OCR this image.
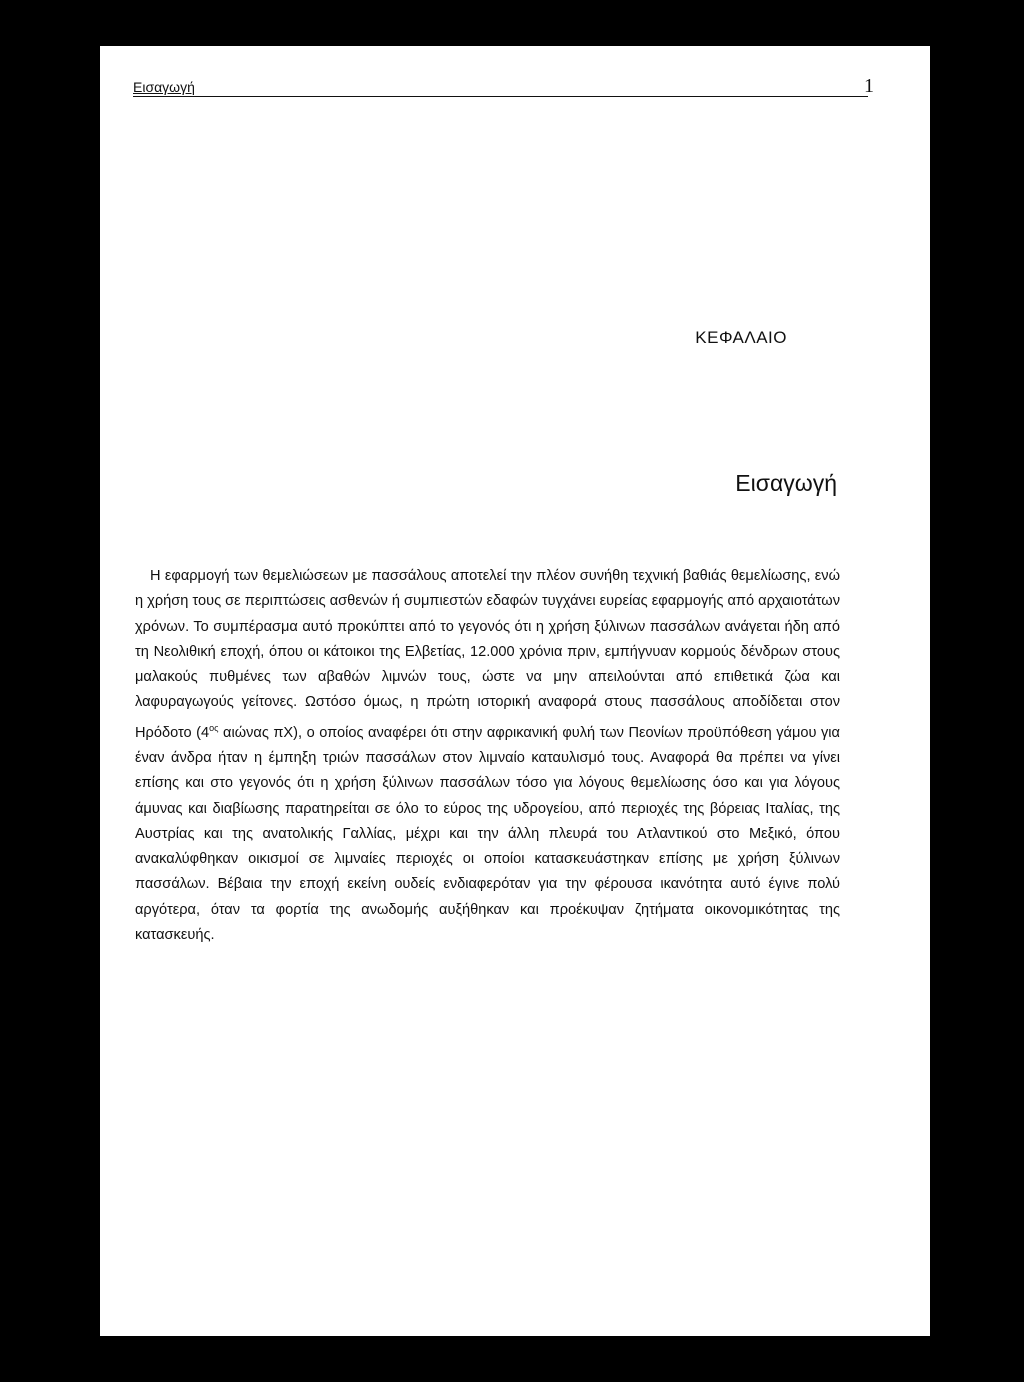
Εισαγωγή	1
ΚΕΦΑΛΑΙΟ
Εισαγωγή

Η εφαρμογή των θεμελιώσεων με πασσάλους αποτελεί την πλέον συνήθη τεχνική βαθιάς θεμελίωσης, ενώ η χρήση τους σε περιπτώσεις ασθενών ή συμπιεστών εδαφών τυγχάνει ευρείας εφαρμογής από αρχαιοτάτων χρόνων. Το συμπέρασμα αυτό προκύπτει από το γεγονός ότι η χρήση ξύλινων πασσάλων ανάγεται ήδη από τη Νεολιθική εποχή, όπου οι κάτοικοι της Ελβετίας, 12.000 χρόνια πριν, εμπήγνυαν κορμούς δένδρων στους μαλακούς πυθμένες των αβαθών λιμνών τους, ώστε να μην απειλούνται από επιθετικά ζώα και λαφυραγωγούς γείτονες. Ωστόσο όμως, η πρώτη ιστορική αναφορά στους πασσάλους αποδίδεται στον Ηρόδοτο ($4^{o\varsigma}$ αιώνας πΧ), ο οποίος αναφέρει ότι στην αφρικανική φυλή των Πεονίων προϋπόθεση γάμου για έναν άνδρα ήταν η έμπηξη τριών πασσάλων στον λιμναίο καταυλισμό τους. Αναφορά θα πρέπει να γίνει επίσης και στο γεγονός ότι η χρήση ξύλινων πασσάλων τόσο για λόγους θεμελίωσης όσο και για λόγους άμυνας και διαβίωσης παρατηρείται σε όλο το εύρος της υδρογείου, από περιοχές της βόρειας Ιταλίας, της Αυστρίας και της ανατολικής Γαλλίας, μέχρι και την άλλη πλευρά του Ατλαντικού στο Μεξικό, όπου ανακαλύφθηκαν οικισμοί σε λιμναίες περιοχές οι οποίοι κατασκευάστηκαν επίσης με χρήση ξύλινων πασσάλων. Βέβαια την εποχή εκείνη ουδείς ενδιαφερόταν για την φέρουσα ικανότητα αυτό έγινε πολύ αργότερα, όταν τα φορτία της ανωδομής αυξήθηκαν και προέκυψαν ζητήματα οικονομικότητας της κατασκευής.
